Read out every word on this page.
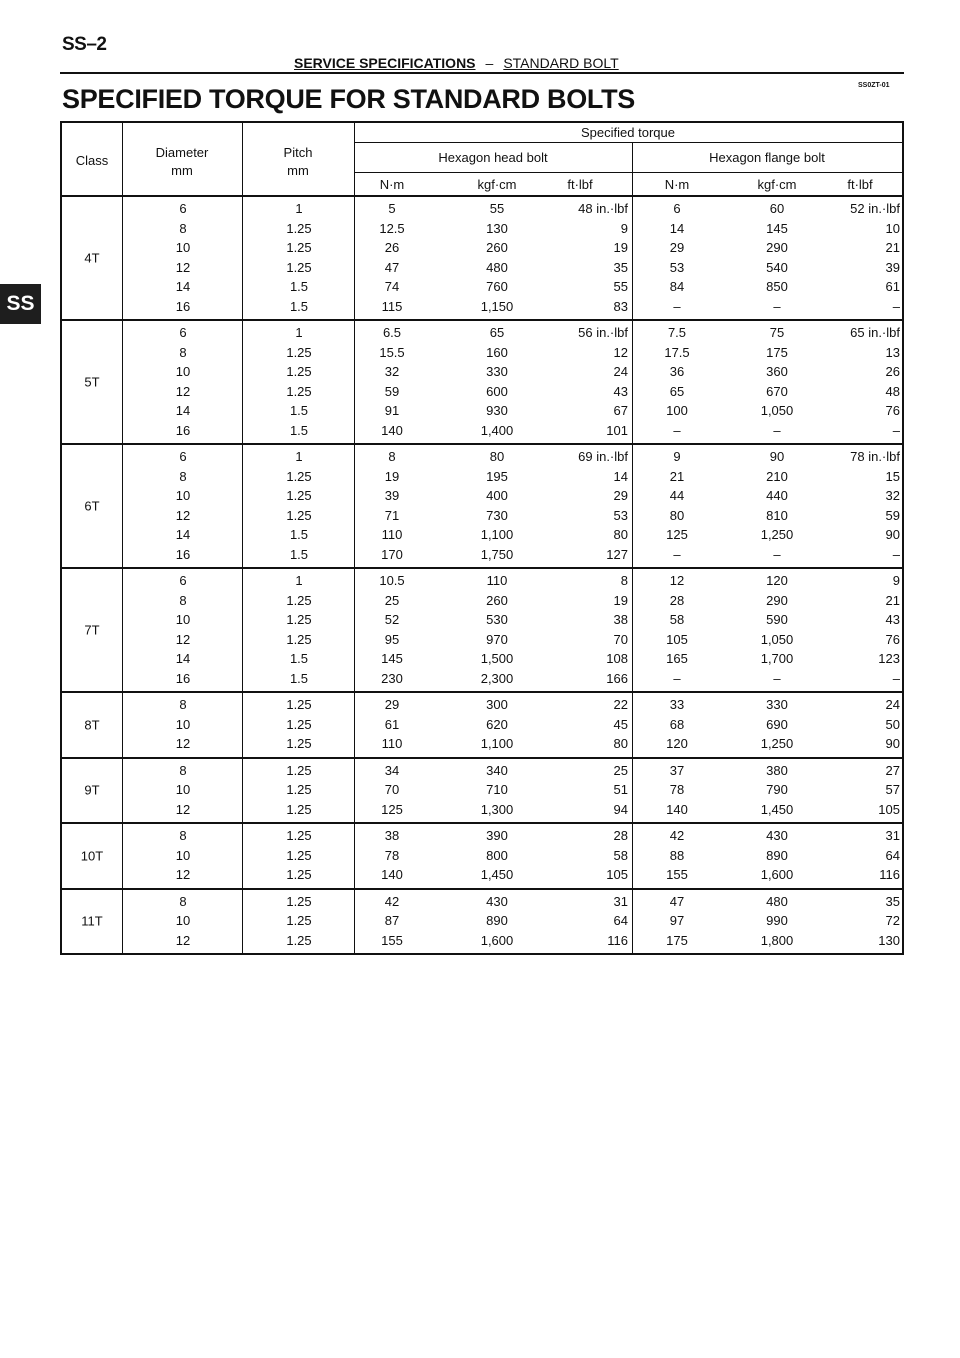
SS–2
SERVICE SPECIFICATIONS – STANDARD BOLT
SS0ZT-01
SPECIFIED TORQUE FOR STANDARD BOLTS
SS
Class
Diameter
mm
Pitch
mm
Specified torque
Hexagon head bolt	Hexagon flange bolt
N·m	kgf·cm	ft·lbf	N·m	kgf·cm	ft·lbf
4T
6	1	5	55	48 in.·lbf	6	60	52 in.·lbf
8	1.25	12.5	130	9	14	145	10
10	1.25	26	260	19	29	290	21
12	1.25	47	480	35	53	540	39
14	1.5	74	760	55	84	850	61
16	1.5	115	1,150	83	–	–	–
5T
6	1	6.5	65	56 in.·lbf	7.5	75	65 in.·lbf
8	1.25	15.5	160	12	17.5	175	13
10	1.25	32	330	24	36	360	26
12	1.25	59	600	43	65	670	48
14	1.5	91	930	67	100	1,050	76
16	1.5	140	1,400	101	–	–	–
6T
6	1	8	80	69 in.·lbf	9	90	78 in.·lbf
8	1.25	19	195	14	21	210	15
10	1.25	39	400	29	44	440	32
12	1.25	71	730	53	80	810	59
14	1.5	110	1,100	80	125	1,250	90
16	1.5	170	1,750	127	–	–	–
7T
6	1	10.5	110	8	12	120	9
8	1.25	25	260	19	28	290	21
10	1.25	52	530	38	58	590	43
12	1.25	95	970	70	105	1,050	76
14	1.5	145	1,500	108	165	1,700	123
16	1.5	230	2,300	166	–	–	–
8T
8	1.25	29	300	22	33	330	24
10	1.25	61	620	45	68	690	50
12	1.25	110	1,100	80	120	1,250	90
9T
8	1.25	34	340	25	37	380	27
10	1.25	70	710	51	78	790	57
12	1.25	125	1,300	94	140	1,450	105
10T
8	1.25	38	390	28	42	430	31
10	1.25	78	800	58	88	890	64
12	1.25	140	1,450	105	155	1,600	116
11T
8	1.25	42	430	31	47	480	35
10	1.25	87	890	64	97	990	72
12	1.25	155	1,600	116	175	1,800	130
